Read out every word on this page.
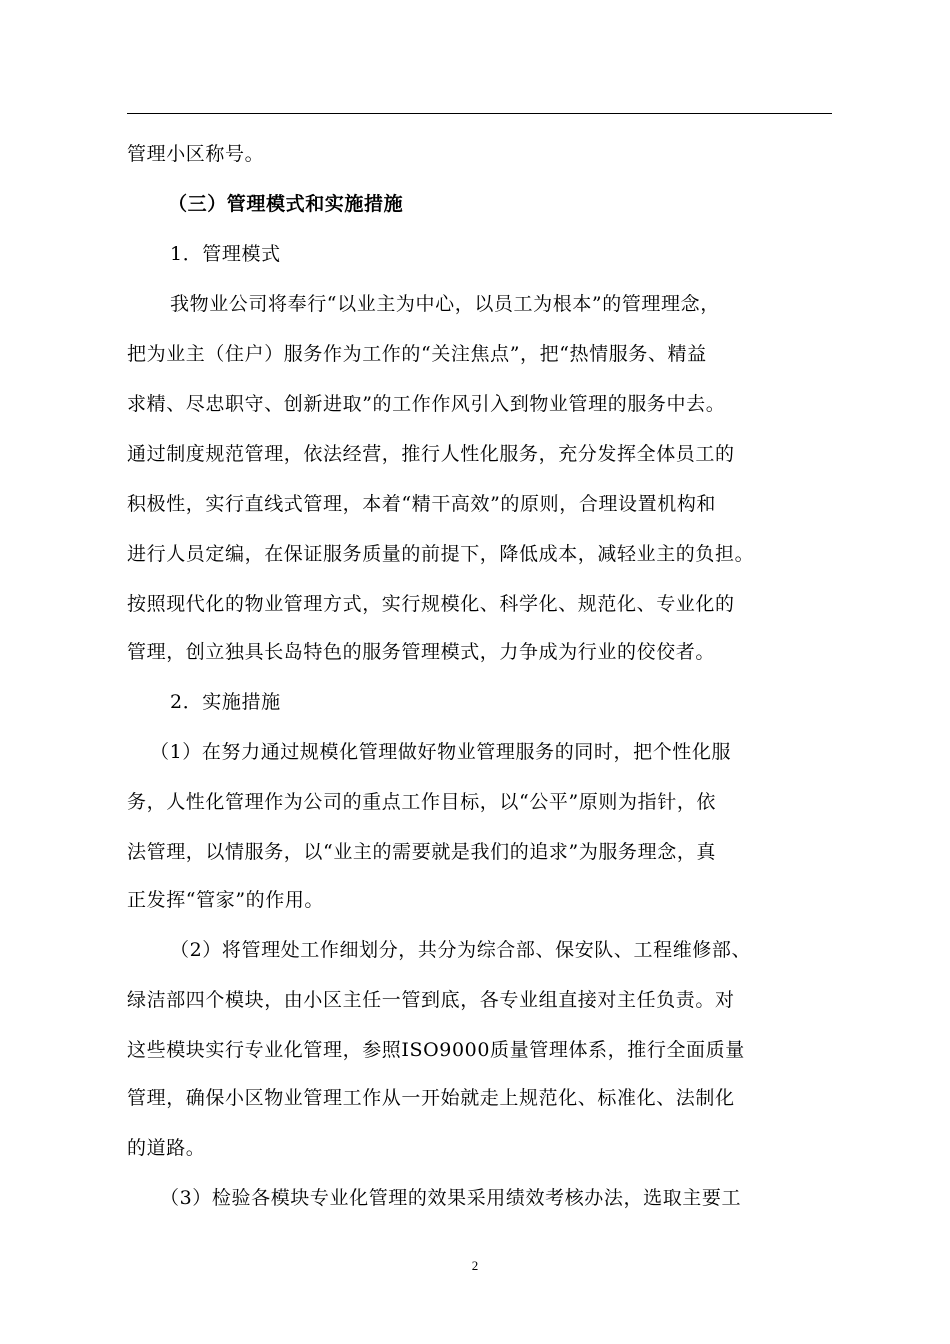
管理小区称号。
（三）管理模式和实施措施
1．管理模式
我物业公司将奉行“以业主为中心，以员工为根本”的管理理念，
把为业主（住户）服务作为工作的“关注焦点”，把“热情服务、精益
求精、尽忠职守、创新进取”的工作作风引入到物业管理的服务中去。
通过制度规范管理，依法经营，推行人性化服务，充分发挥全体员工的
积极性，实行直线式管理，本着“精干高效”的原则，合理设置机构和
进行人员定编，在保证服务质量的前提下，降低成本，减轻业主的负担。
按照现代化的物业管理方式，实行规模化、科学化、规范化、专业化的
管理，创立独具长岛特色的服务管理模式，力争成为行业的佼佼者。
2．实施措施
（1）在努力通过规模化管理做好物业管理服务的同时，把个性化服
务，人性化管理作为公司的重点工作目标，以“公平”原则为指针，依
法管理，以情服务，以“业主的需要就是我们的追求”为服务理念，真
正发挥“管家”的作用。
（2）将管理处工作细划分，共分为综合部、保安队、工程维修部、
绿洁部四个模块，由小区主任一管到底，各专业组直接对主任负责。对
这些模块实行专业化管理，参照ISO9000质量管理体系，推行全面质量
管理，确保小区物业管理工作从一开始就走上规范化、标准化、法制化
的道路。
（3）检验各模块专业化管理的效果采用绩效考核办法，选取主要工
2
